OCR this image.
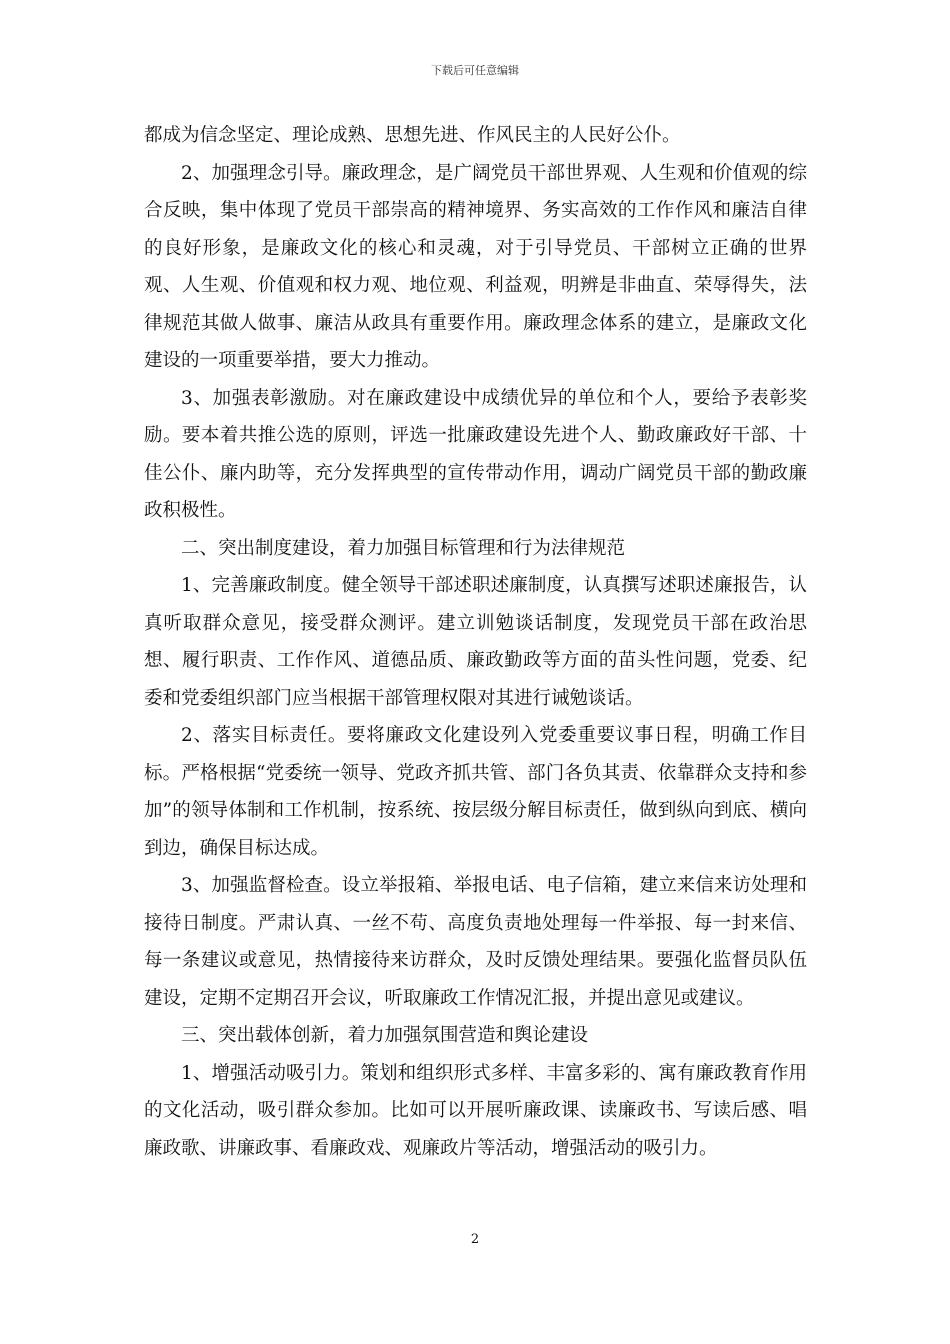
下载后可任意编辑

都成为信念坚定、理论成熟、思想先进、作风民主的人民好公仆。

2、加强理念引导。廉政理念，是广阔党员干部世界观、人生观和价值观的综合反映，集中体现了党员干部崇高的精神境界、务实高效的工作作风和廉洁自律的良好形象，是廉政文化的核心和灵魂，对于引导党员、干部树立正确的世界观、人生观、价值观和权力观、地位观、利益观，明辨是非曲直、荣辱得失，法律规范其做人做事、廉洁从政具有重要作用。廉政理念体系的建立，是廉政文化建设的一项重要举措，要大力推动。

3、加强表彰激励。对在廉政建设中成绩优异的单位和个人，要给予表彰奖励。要本着共推公选的原则，评选一批廉政建设先进个人、勤政廉政好干部、十佳公仆、廉内助等，充分发挥典型的宣传带动作用，调动广阔党员干部的勤政廉政积极性。

二、突出制度建设，着力加强目标管理和行为法律规范

1、完善廉政制度。健全领导干部述职述廉制度，认真撰写述职述廉报告，认真听取群众意见，接受群众测评。建立训勉谈话制度，发现党员干部在政治思想、履行职责、工作作风、道德品质、廉政勤政等方面的苗头性问题，党委、纪委和党委组织部门应当根据干部管理权限对其进行诫勉谈话。

2、落实目标责任。要将廉政文化建设列入党委重要议事日程，明确工作目标。严格根据“党委统一领导、党政齐抓共管、部门各负其责、依靠群众支持和参加”的领导体制和工作机制，按系统、按层级分解目标责任，做到纵向到底、横向到边，确保目标达成。

3、加强监督检查。设立举报箱、举报电话、电子信箱，建立来信来访处理和接待日制度。严肃认真、一丝不苟、高度负责地处理每一件举报、每一封来信、每一条建议或意见，热情接待来访群众，及时反馈处理结果。要强化监督员队伍建设，定期不定期召开会议，听取廉政工作情况汇报，并提出意见或建议。

三、突出载体创新，着力加强氛围营造和舆论建设

1、增强活动吸引力。策划和组织形式多样、丰富多彩的、寓有廉政教育作用的文化活动，吸引群众参加。比如可以开展听廉政课、读廉政书、写读后感、唱廉政歌、讲廉政事、看廉政戏、观廉政片等活动，增强活动的吸引力。

2
